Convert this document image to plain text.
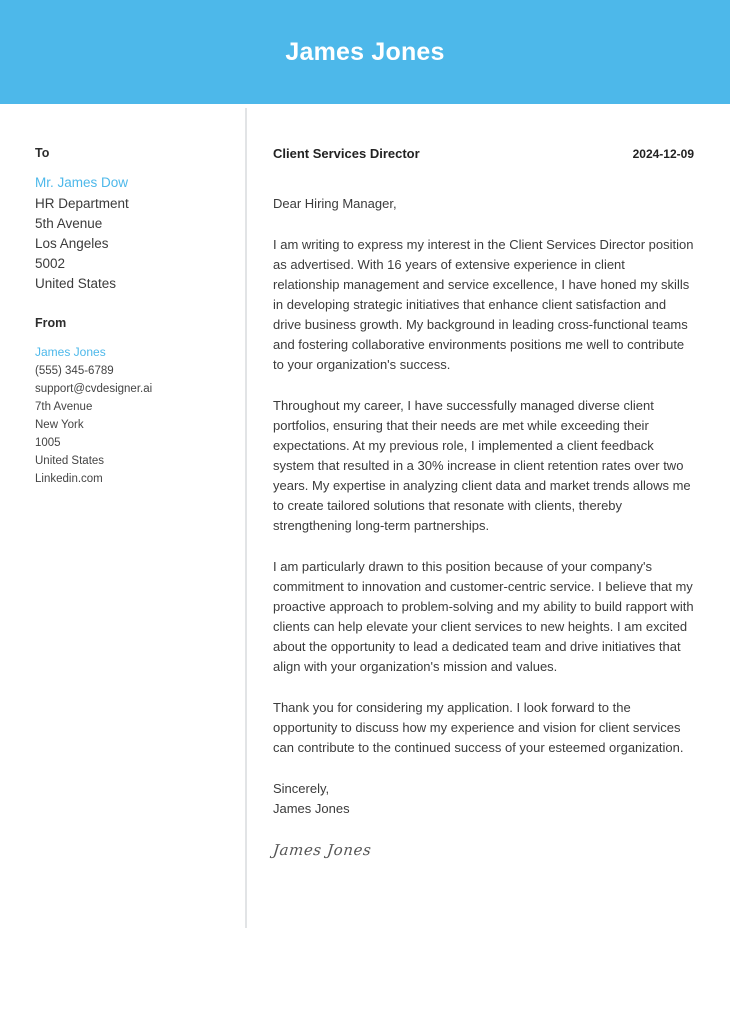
James Jones
To
Mr. James Dow
HR Department
5th Avenue
Los Angeles
5002
United States
From
James Jones
(555) 345-6789
support@cvdesigner.ai
7th Avenue
New York
1005
United States
Linkedin.com
Client Services Director	2024-12-09
Dear Hiring Manager,

I am writing to express my interest in the Client Services Director position as advertised. With 16 years of extensive experience in client relationship management and service excellence, I have honed my skills in developing strategic initiatives that enhance client satisfaction and drive business growth. My background in leading cross-functional teams and fostering collaborative environments positions me well to contribute to your organization's success.

Throughout my career, I have successfully managed diverse client portfolios, ensuring that their needs are met while exceeding their expectations. At my previous role, I implemented a client feedback system that resulted in a 30% increase in client retention rates over two years. My expertise in analyzing client data and market trends allows me to create tailored solutions that resonate with clients, thereby strengthening long-term partnerships.

I am particularly drawn to this position because of your company's commitment to innovation and customer-centric service. I believe that my proactive approach to problem-solving and my ability to build rapport with clients can help elevate your client services to new heights. I am excited about the opportunity to lead a dedicated team and drive initiatives that align with your organization's mission and values.

Thank you for considering my application. I look forward to the opportunity to discuss how my experience and vision for client services can contribute to the continued success of your esteemed organization.

Sincerely,
James Jones
James Jones
